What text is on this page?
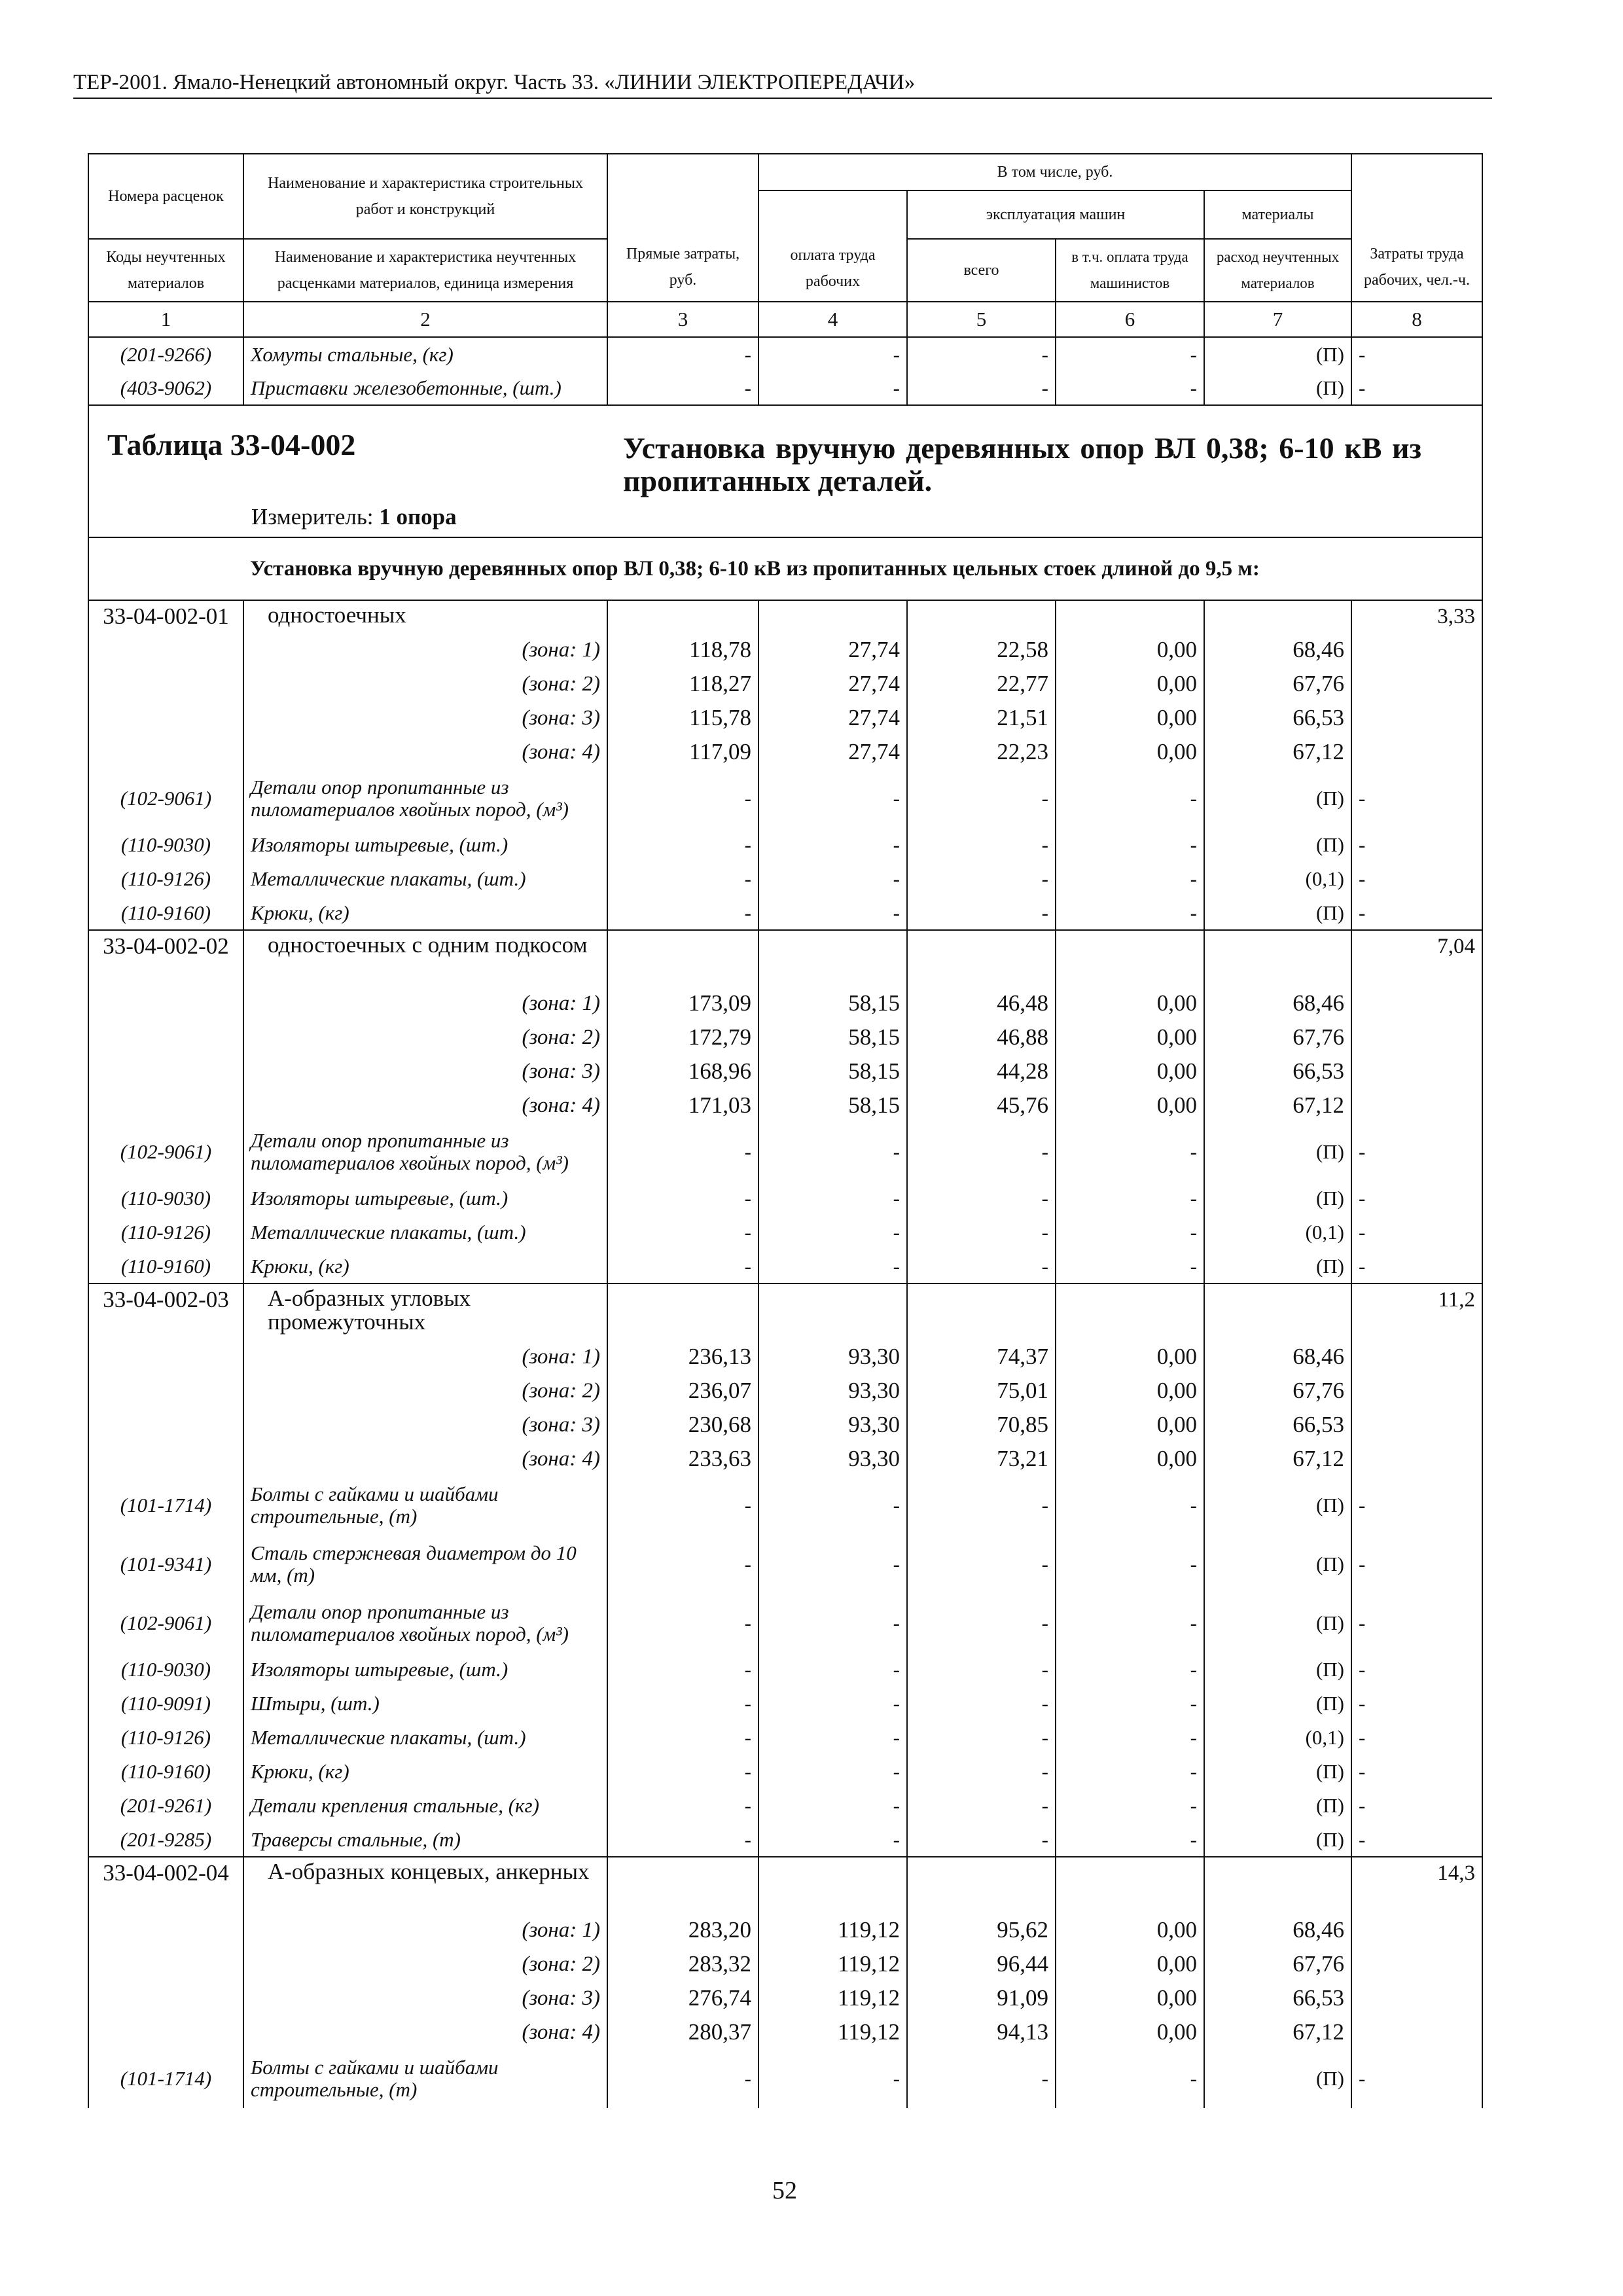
ТЕР-2001. Ямало-Ненецкий автономный округ. Часть 33. «ЛИНИИ ЭЛЕКТРОПЕРЕДАЧИ»
Номера расценок	Наименование и характеристика строительных работ и конструкций	Прямые затраты, руб.	В том числе, руб.				Затраты труда рабочих, чел.-ч.
			оплата труда рабочих	эксплуатация машин		материалы	
Коды неучтенных материалов	Наименование и характеристика неучтенных расценками материалов, единица измерения			всего	в т.ч. оплата труда машинистов	расход неучтенных материалов	

1	2	3	4	5	6	7	8
(201-9266)	Хомуты стальные, (кг)	-	-	-	-	(П)	-
(403-9062)	Приставки железобетонные, (шт.)	-	-	-	-	(П)	-

Таблица 33-04-002 Установка вручную деревянных опор ВЛ 0,38; 6-10 кВ из пропитанных деталей.
Измеритель: 1 опора							

	Установка вручную деревянных опор ВЛ 0,38; 6-10 кВ из пропитанных цельных стоек длиной до 9,5 м:						
33-04-002-01	одностоечных						3,33
	(зона: 1)	118,78	27,74	22,58	0,00	68,46	
	(зона: 2)	118,27	27,74	22,77	0,00	67,76	
	(зона: 3)	115,78	27,74	21,51	0,00	66,53	
	(зона: 4)	117,09	27,74	22,23	0,00	67,12	
(102-9061)	Детали опор пропитанные из пиломатериалов хвойных пород, (м³)	-	-	-	-	(П)	-
(110-9030)	Изоляторы штыревые, (шт.)	-	-	-	-	(П)	-
(110-9126)	Металлические плакаты, (шт.)	-	-	-	-	(0,1)	-
(110-9160)	Крюки, (кг)	-	-	-	-	(П)	-
33-04-002-02	одностоечных с одним подкосом						7,04
	(зона: 1)	173,09	58,15	46,48	0,00	68,46	
	(зона: 2)	172,79	58,15	46,88	0,00	67,76	
	(зона: 3)	168,96	58,15	44,28	0,00	66,53	
	(зона: 4)	171,03	58,15	45,76	0,00	67,12	
(102-9061)	Детали опор пропитанные из пиломатериалов хвойных пород, (м³)	-	-	-	-	(П)	-
(110-9030)	Изоляторы штыревые, (шт.)	-	-	-	-	(П)	-
(110-9126)	Металлические плакаты, (шт.)	-	-	-	-	(0,1)	-
(110-9160)	Крюки, (кг)	-	-	-	-	(П)	-
33-04-002-03	А-образных угловых промежуточных						11,2
	(зона: 1)	236,13	93,30	74,37	0,00	68,46	
	(зона: 2)	236,07	93,30	75,01	0,00	67,76	
	(зона: 3)	230,68	93,30	70,85	0,00	66,53	
	(зона: 4)	233,63	93,30	73,21	0,00	67,12	
(101-1714)	Болты с гайками и шайбами строительные, (т)	-	-	-	-	(П)	-
(101-9341)	Сталь стержневая диаметром до 10 мм, (т)	-	-	-	-	(П)	-
(102-9061)	Детали опор пропитанные из пиломатериалов хвойных пород, (м³)	-	-	-	-	(П)	-
(110-9030)	Изоляторы штыревые, (шт.)	-	-	-	-	(П)	-
(110-9091)	Штыри, (шт.)	-	-	-	-	(П)	-
(110-9126)	Металлические плакаты, (шт.)	-	-	-	-	(0,1)	-
(110-9160)	Крюки, (кг)	-	-	-	-	(П)	-
(201-9261)	Детали крепления стальные, (кг)	-	-	-	-	(П)	-
(201-9285)	Траверсы стальные, (т)	-	-	-	-	(П)	-
33-04-002-04	А-образных концевых, анкерных						14,3
	(зона: 1)	283,20	119,12	95,62	0,00	68,46	
	(зона: 2)	283,32	119,12	96,44	0,00	67,76	
	(зона: 3)	276,74	119,12	91,09	0,00	66,53	
	(зона: 4)	280,37	119,12	94,13	0,00	67,12	
(101-1714)	Болты с гайками и шайбами строительные, (т)	-	-	-	-	(П)	-
52
